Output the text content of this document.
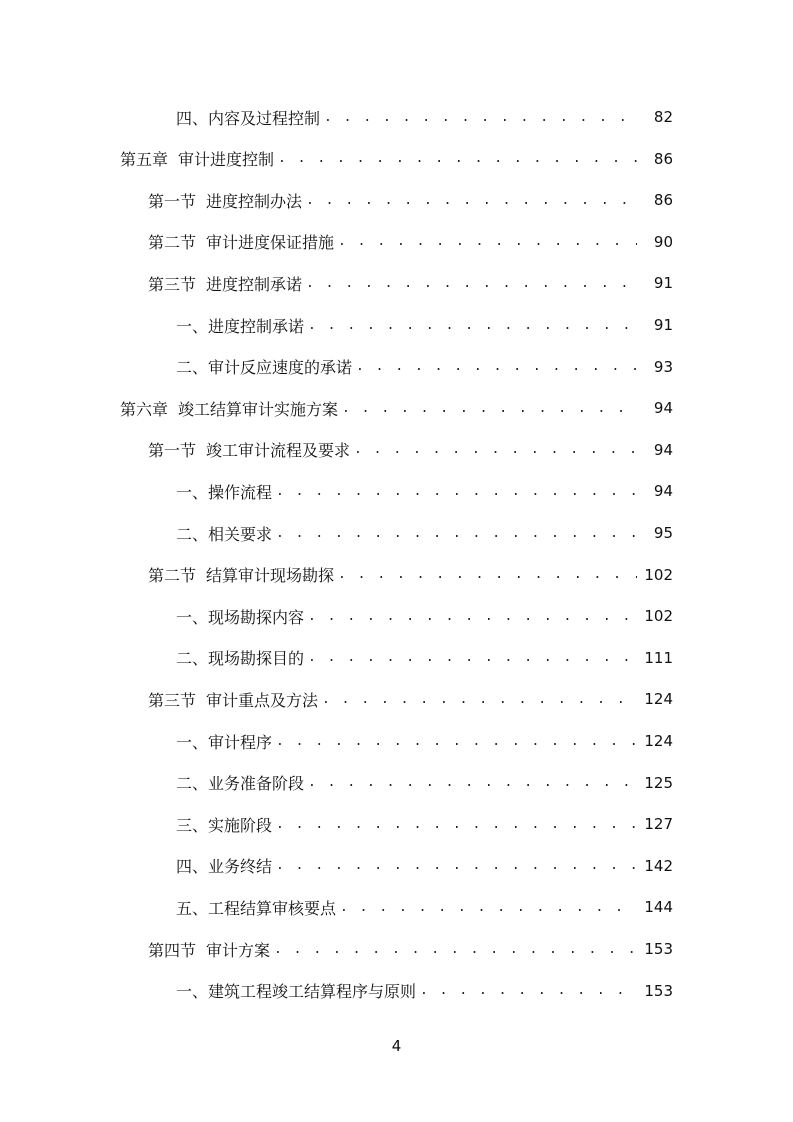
四、内容及过程控制 . . .	82
第五章 审计进度控制 . . .	86
第一节 进度控制办法 . . .	86
第二节 审计进度保证措施 . . .	90
第三节 进度控制承诺 . . .	91
一、进度控制承诺 . . .	91
二、审计反应速度的承诺 . . .	93
第六章 竣工结算审计实施方案 . . .	94
第一节 竣工审计流程及要求 . . .	94
一、操作流程 . . .	94
二、相关要求 . . .	95
第二节 结算审计现场勘探 . . .	102
一、现场勘探内容 . . .	102
二、现场勘探目的 . . .	111
第三节 审计重点及方法 . . .	124
一、审计程序 . . .	124
二、业务准备阶段 . . .	125
三、实施阶段 . . .	127
四、业务终结 . . .	142
五、工程结算审核要点 . . .	144
第四节 审计方案 . . .	153
一、建筑工程竣工结算程序与原则 . . .	153
4
